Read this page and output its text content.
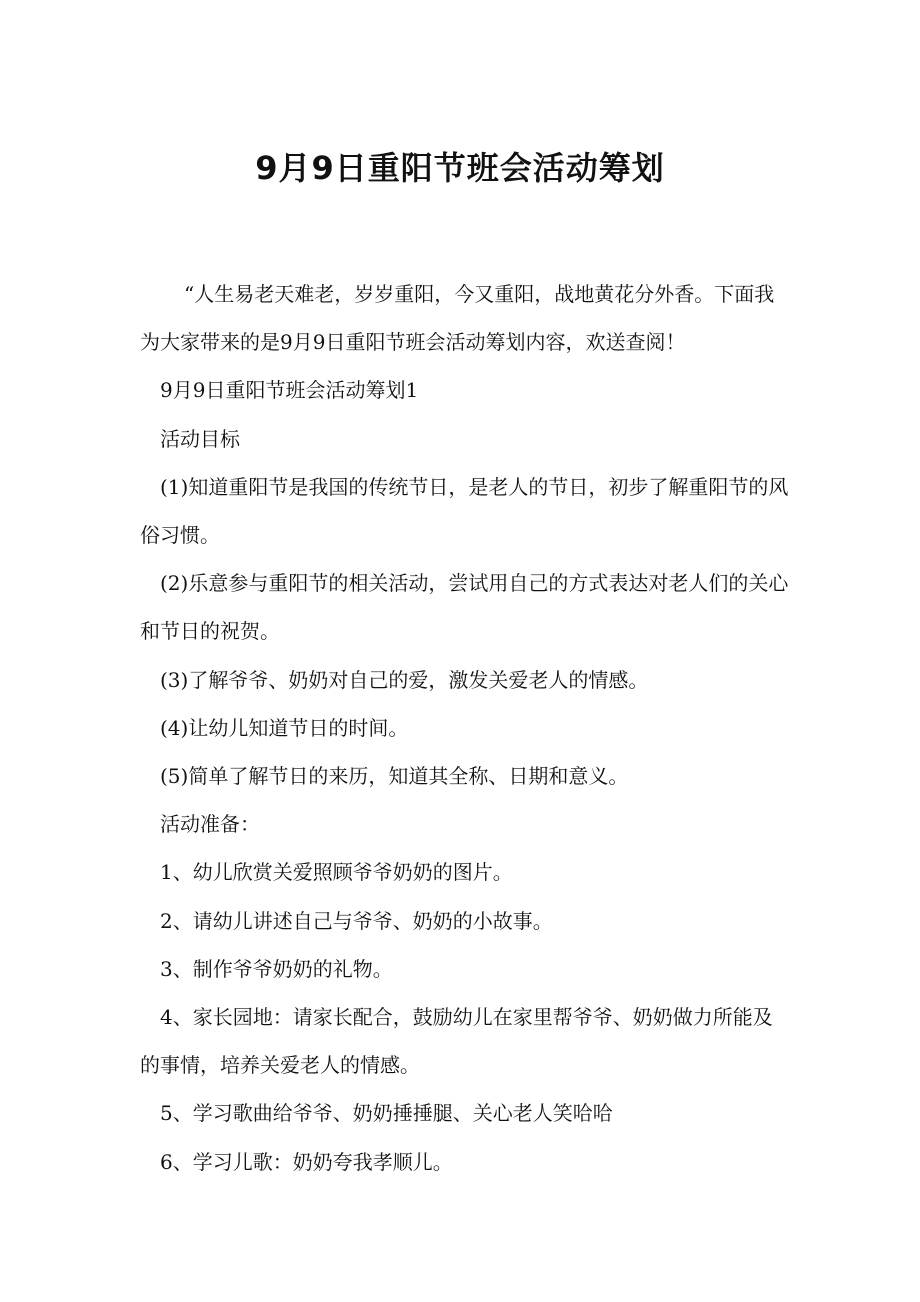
9月9日重阳节班会活动筹划

“人生易老天难老，岁岁重阳，今又重阳，战地黄花分外香。下面我为大家带来的是9月9日重阳节班会活动筹划内容，欢送查阅！

9月9日重阳节班会活动筹划1

活动目标

(1)知道重阳节是我国的传统节日，是老人的节日，初步了解重阳节的风俗习惯。

(2)乐意参与重阳节的相关活动，尝试用自己的方式表达对老人们的关心和节日的祝贺。

(3)了解爷爷、奶奶对自己的爱，激发关爱老人的情感。

(4)让幼儿知道节日的时间。

(5)简单了解节日的来历，知道其全称、日期和意义。

活动准备：

1、幼儿欣赏关爱照顾爷爷奶奶的图片。

2、请幼儿讲述自己与爷爷、奶奶的小故事。

3、制作爷爷奶奶的礼物。

4、家长园地：请家长配合，鼓励幼儿在家里帮爷爷、奶奶做力所能及的事情，培养关爱老人的情感。

5、学习歌曲给爷爷、奶奶捶捶腿、关心老人笑哈哈

6、学习儿歌：奶奶夸我孝顺儿。
